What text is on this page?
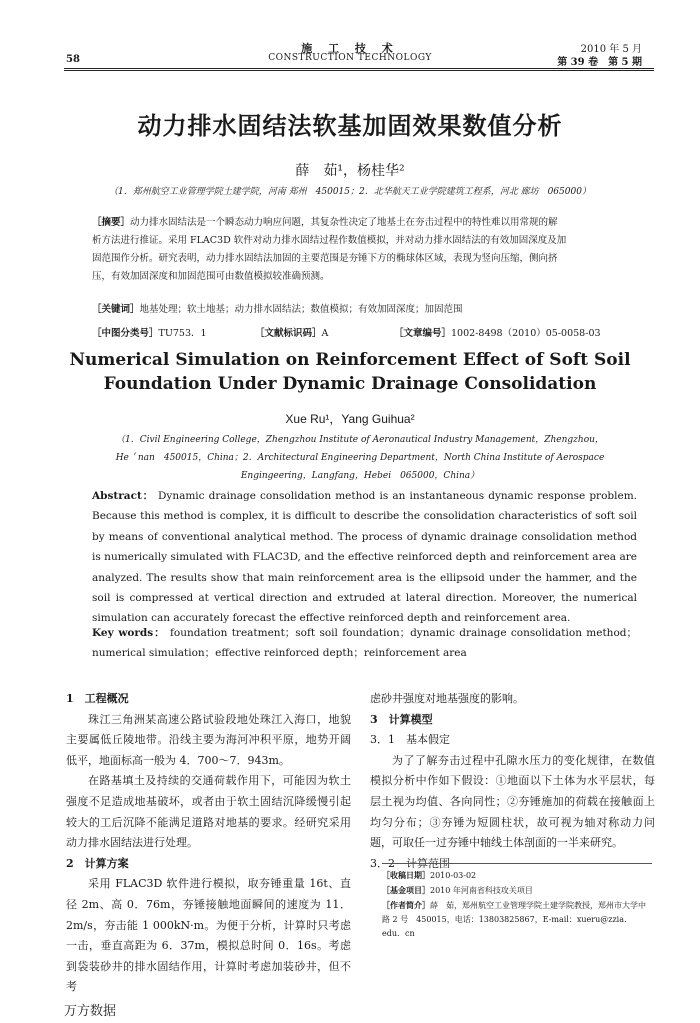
施 工 技 术
CONSTRUCTION TECHNOLOGY
58
2010 年 5 月
第 39 卷　第 5 期
动力排水固结法软基加固效果数值分析
薛　茹¹，杨桂华²
（1．郑州航空工业管理学院土建学院，河南 郑州　450015；2．北华航天工业学院建筑工程系，河北 廊坊　065000）
［摘要］动力排水固结法是一个瞬态动力响应问题，其复杂性决定了地基土在夯击过程中的特性难以用常规的解
析方法进行推证。采用 FLAC3D 软件对动力排水固结过程作数值模拟，并对动力排水固结法的有效加固深度及加
固范围作分析。研究表明，动力排水固结法加固的主要范围是夯锤下方的椭球体区域，表现为竖向压缩，侧向挤
压，有效加固深度和加固范围可由数值模拟较准确预测。
［关键词］地基处理；软土地基；动力排水固结法；数值模拟；有效加固深度；加固范围
［中图分类号］TU753．1	［文献标识码］A	［文章编号］1002-8498（2010）05-0058-03
Numerical Simulation on Reinforcement Effect of Soft Soil
Foundation Under Dynamic Drainage Consolidation
Xue Ru¹，Yang Guihua²
（1．Civil Engineering College，Zhengzhou Institute of Aeronautical Industry Management，Zhengzhou，
He＇nan　450015，China；2．Architectural Engineering Department，North China Institute of Aerospace
Engingeering，Langfang，Hebei　065000，China）
Abstract： Dynamic drainage consolidation method is an instantaneous dynamic response problem. Because this method is complex, it is difficult to describe the consolidation characteristics of soft soil by means of conventional analytical method. The process of dynamic drainage consolidation method is numerically simulated with FLAC3D, and the effective reinforced depth and reinforcement area are analyzed. The results show that main reinforcement area is the ellipsoid under the hammer, and the soil is compressed at vertical direction and extruded at lateral direction. Moreover, the numerical simulation can accurately forecast the effective reinforced depth and reinforcement area.
Key words： foundation treatment；soft soil foundation；dynamic drainage consolidation method；numerical simulation；effective reinforced depth；reinforcement area
1　工程概况
珠江三角洲某高速公路试验段地处珠江入海口，地貌主要属低丘陵地带。沿线主要为海河冲积平原，地势开阔低平，地面标高一般为 4．700～7．943m。
在路基填土及持续的交通荷载作用下，可能因为软土强度不足造成地基破坏，或者由于软土固结沉降缓慢引起较大的工后沉降不能满足道路对地基的要求。经研究采用动力排水固结法进行处理。
2　计算方案
采用 FLAC3D 软件进行模拟，取夯锤重量 16t、直径 2m、高 0．76m，夯锤接触地面瞬间的速度为 11．2m/s，夯击能 1 000kN·m。为便于分析，计算时只考虑一击，垂直高距为 6．37m，模拟总时间 0．16s。考虑到袋装砂井的排水固结作用，计算时考虑加装砂井，但不考
虑砂井强度对地基强度的影响。
3　计算模型
3．1　基本假定
为了了解夯击过程中孔隙水压力的变化规律，在数值模拟分析中作如下假设：①地面以下土体为水平层状，每层土视为均值、各向同性；②夯锤施加的荷载在接触面上均匀分布；③夯锤为短圆柱状，故可视为轴对称动力问题，可取任一过夯锤中轴线土体剖面的一半来研究。
3．2　计算范围
［收稿日期］2010-03-02
［基金项目］2010 年河南省科技攻关项目
［作者简介］薛　茹，郑州航空工业管理学院土建学院教授，郑州市大学中路 2 号　450015，电话：13803825867，E-mail：xueru@zzia．edu．cn
万方数据
